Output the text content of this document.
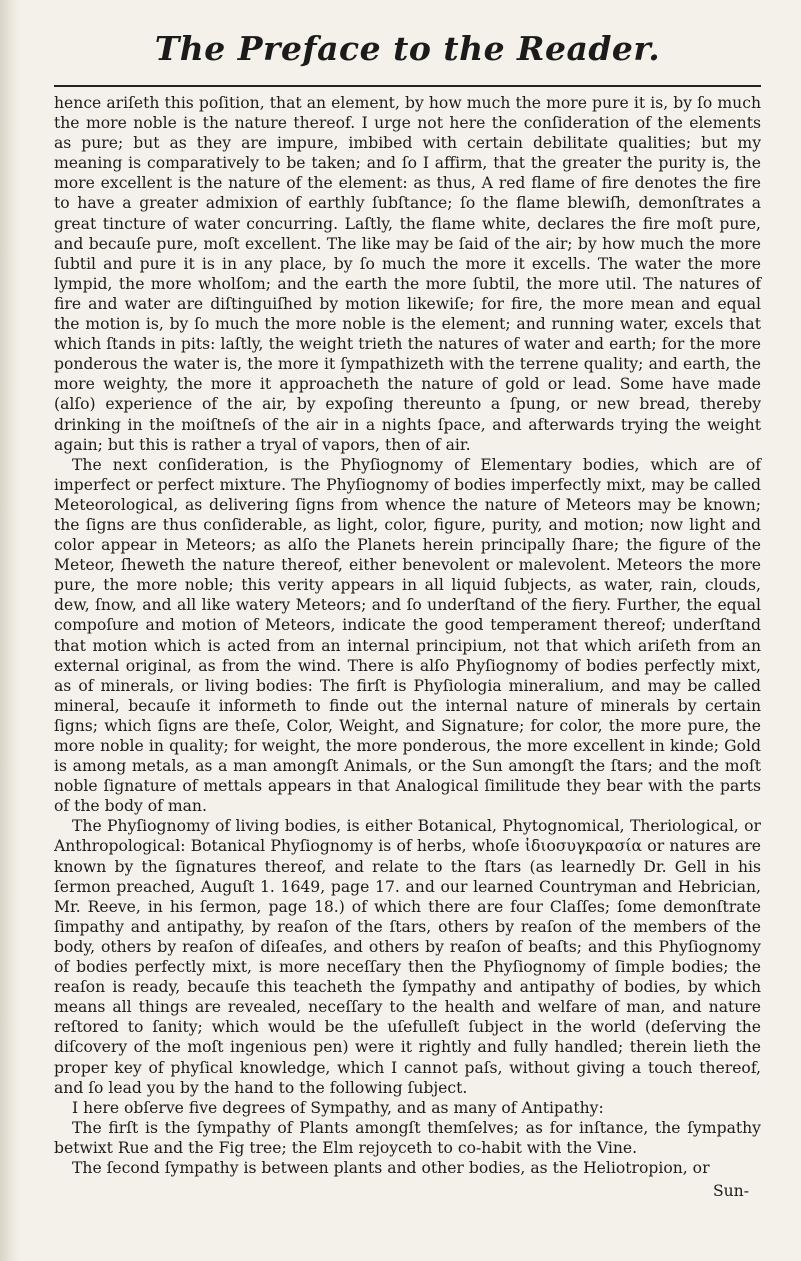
The Preface to the Reader.

hence ariſeth this poſition, that an element, by how much the more pure it is, by ſo much the more noble is the nature thereof. I urge not here the conſideration of the elements as pure; but as they are impure, imbibed with certain debilitate qualities; but my meaning is comparatively to be taken; and ſo I affirm, that the greater the purity is, the more excellent is the nature of the element: as thus, A red flame of fire denotes the fire to have a greater admixion of earthly ſubſtance; ſo the flame blewiſh, demonſtrates a great tincture of water concurring. Laſtly, the flame white, declares the fire moſt pure, and becauſe pure, moſt excellent. The like may be ſaid of the air; by how much the more ſubtil and pure it is in any place, by ſo much the more it excells. The water the more lympid, the more wholſom; and the earth the more ſubtil, the more util. The natures of fire and water are diſtinguiſhed by motion likewiſe; for fire, the more mean and equal the motion is, by ſo much the more noble is the element; and running water, excels that which ſtands in pits: laſtly, the weight trieth the natures of water and earth; for the more ponderous the water is, the more it ſympathizeth with the terrene quality; and earth, the more weighty, the more it approacheth the nature of gold or lead. Some have made (alſo) experience of the air, by expoſing thereunto a ſpung, or new bread, thereby drinking in the moiſtneſs of the air in a nights ſpace, and afterwards trying the weight again; but this is rather a tryal of vapors, then of air.

The next conſideration, is the Phyſiognomy of Elementary bodies, which are of imperfect or perfect mixture. The Phyſiognomy of bodies imperfectly mixt, may be called Meteorological, as delivering ſigns from whence the nature of Meteors may be known; the ſigns are thus conſiderable, as light, color, figure, purity, and motion; now light and color appear in Meteors; as alſo the Planets herein principally ſhare; the figure of the Meteor, ſheweth the nature thereof, either benevolent or malevolent. Meteors the more pure, the more noble; this verity appears in all liquid ſubjects, as water, rain, clouds, dew, ſnow, and all like watery Meteors; and ſo underſtand of the fiery. Further, the equal compoſure and motion of Meteors, indicate the good temperament thereof; underſtand that motion which is acted from an internal principium, not that which ariſeth from an external original, as from the wind. There is alſo Phyſiognomy of bodies perfectly mixt, as of minerals, or living bodies: The firſt is Phyſiologia mineralium, and may be called mineral, becauſe it informeth to finde out the internal nature of minerals by certain ſigns; which ſigns are theſe, Color, Weight, and Signature; for color, the more pure, the more noble in quality; for weight, the more ponderous, the more excellent in kinde; Gold is among metals, as a man amongſt Animals, or the Sun amongſt the ſtars; and the moſt noble ſignature of mettals appears in that Analogical ſimilitude they bear with the parts of the body of man.

The Phyſiognomy of living bodies, is either Botanical, Phytognomical, Theriological, or Anthropological: Botanical Phyſiognomy is of herbs, whoſe ἰδιοσυγκρασία or natures are known by the ſignatures thereof, and relate to the ſtars (as learnedly Dr. Gell in his ſermon preached, Auguſt 1. 1649, page 17. and our learned Countryman and Hebrician, Mr. Reeve, in his ſermon, page 18.) of which there are four Claſſes; ſome demonſtrate ſimpathy and antipathy, by reaſon of the ſtars, others by reaſon of the members of the body, others by reaſon of diſeaſes, and others by reaſon of beaſts; and this Phyſiognomy of bodies perfectly mixt, is more neceſſary then the Phyſiognomy of ſimple bodies; the reaſon is ready, becauſe this teacheth the ſympathy and antipathy of bodies, by which means all things are revealed, neceſſary to the health and welfare of man, and nature reſtored to ſanity; which would be the uſefulleſt ſubject in the world (deſerving the diſcovery of the moſt ingenious pen) were it rightly and fully handled; therein lieth the proper key of phyſical knowledge, which I cannot paſs, without giving a touch thereof, and ſo lead you by the hand to the following ſubject.

I here obſerve five degrees of Sympathy, and as many of Antipathy:

The firſt is the ſympathy of Plants amongſt themſelves; as for inſtance, the ſympathy betwixt Rue and the Fig tree; the Elm rejoyceth to co-habit with the Vine.

The ſecond ſympathy is between plants and other bodies, as the Heliotropion, or

Sun-
